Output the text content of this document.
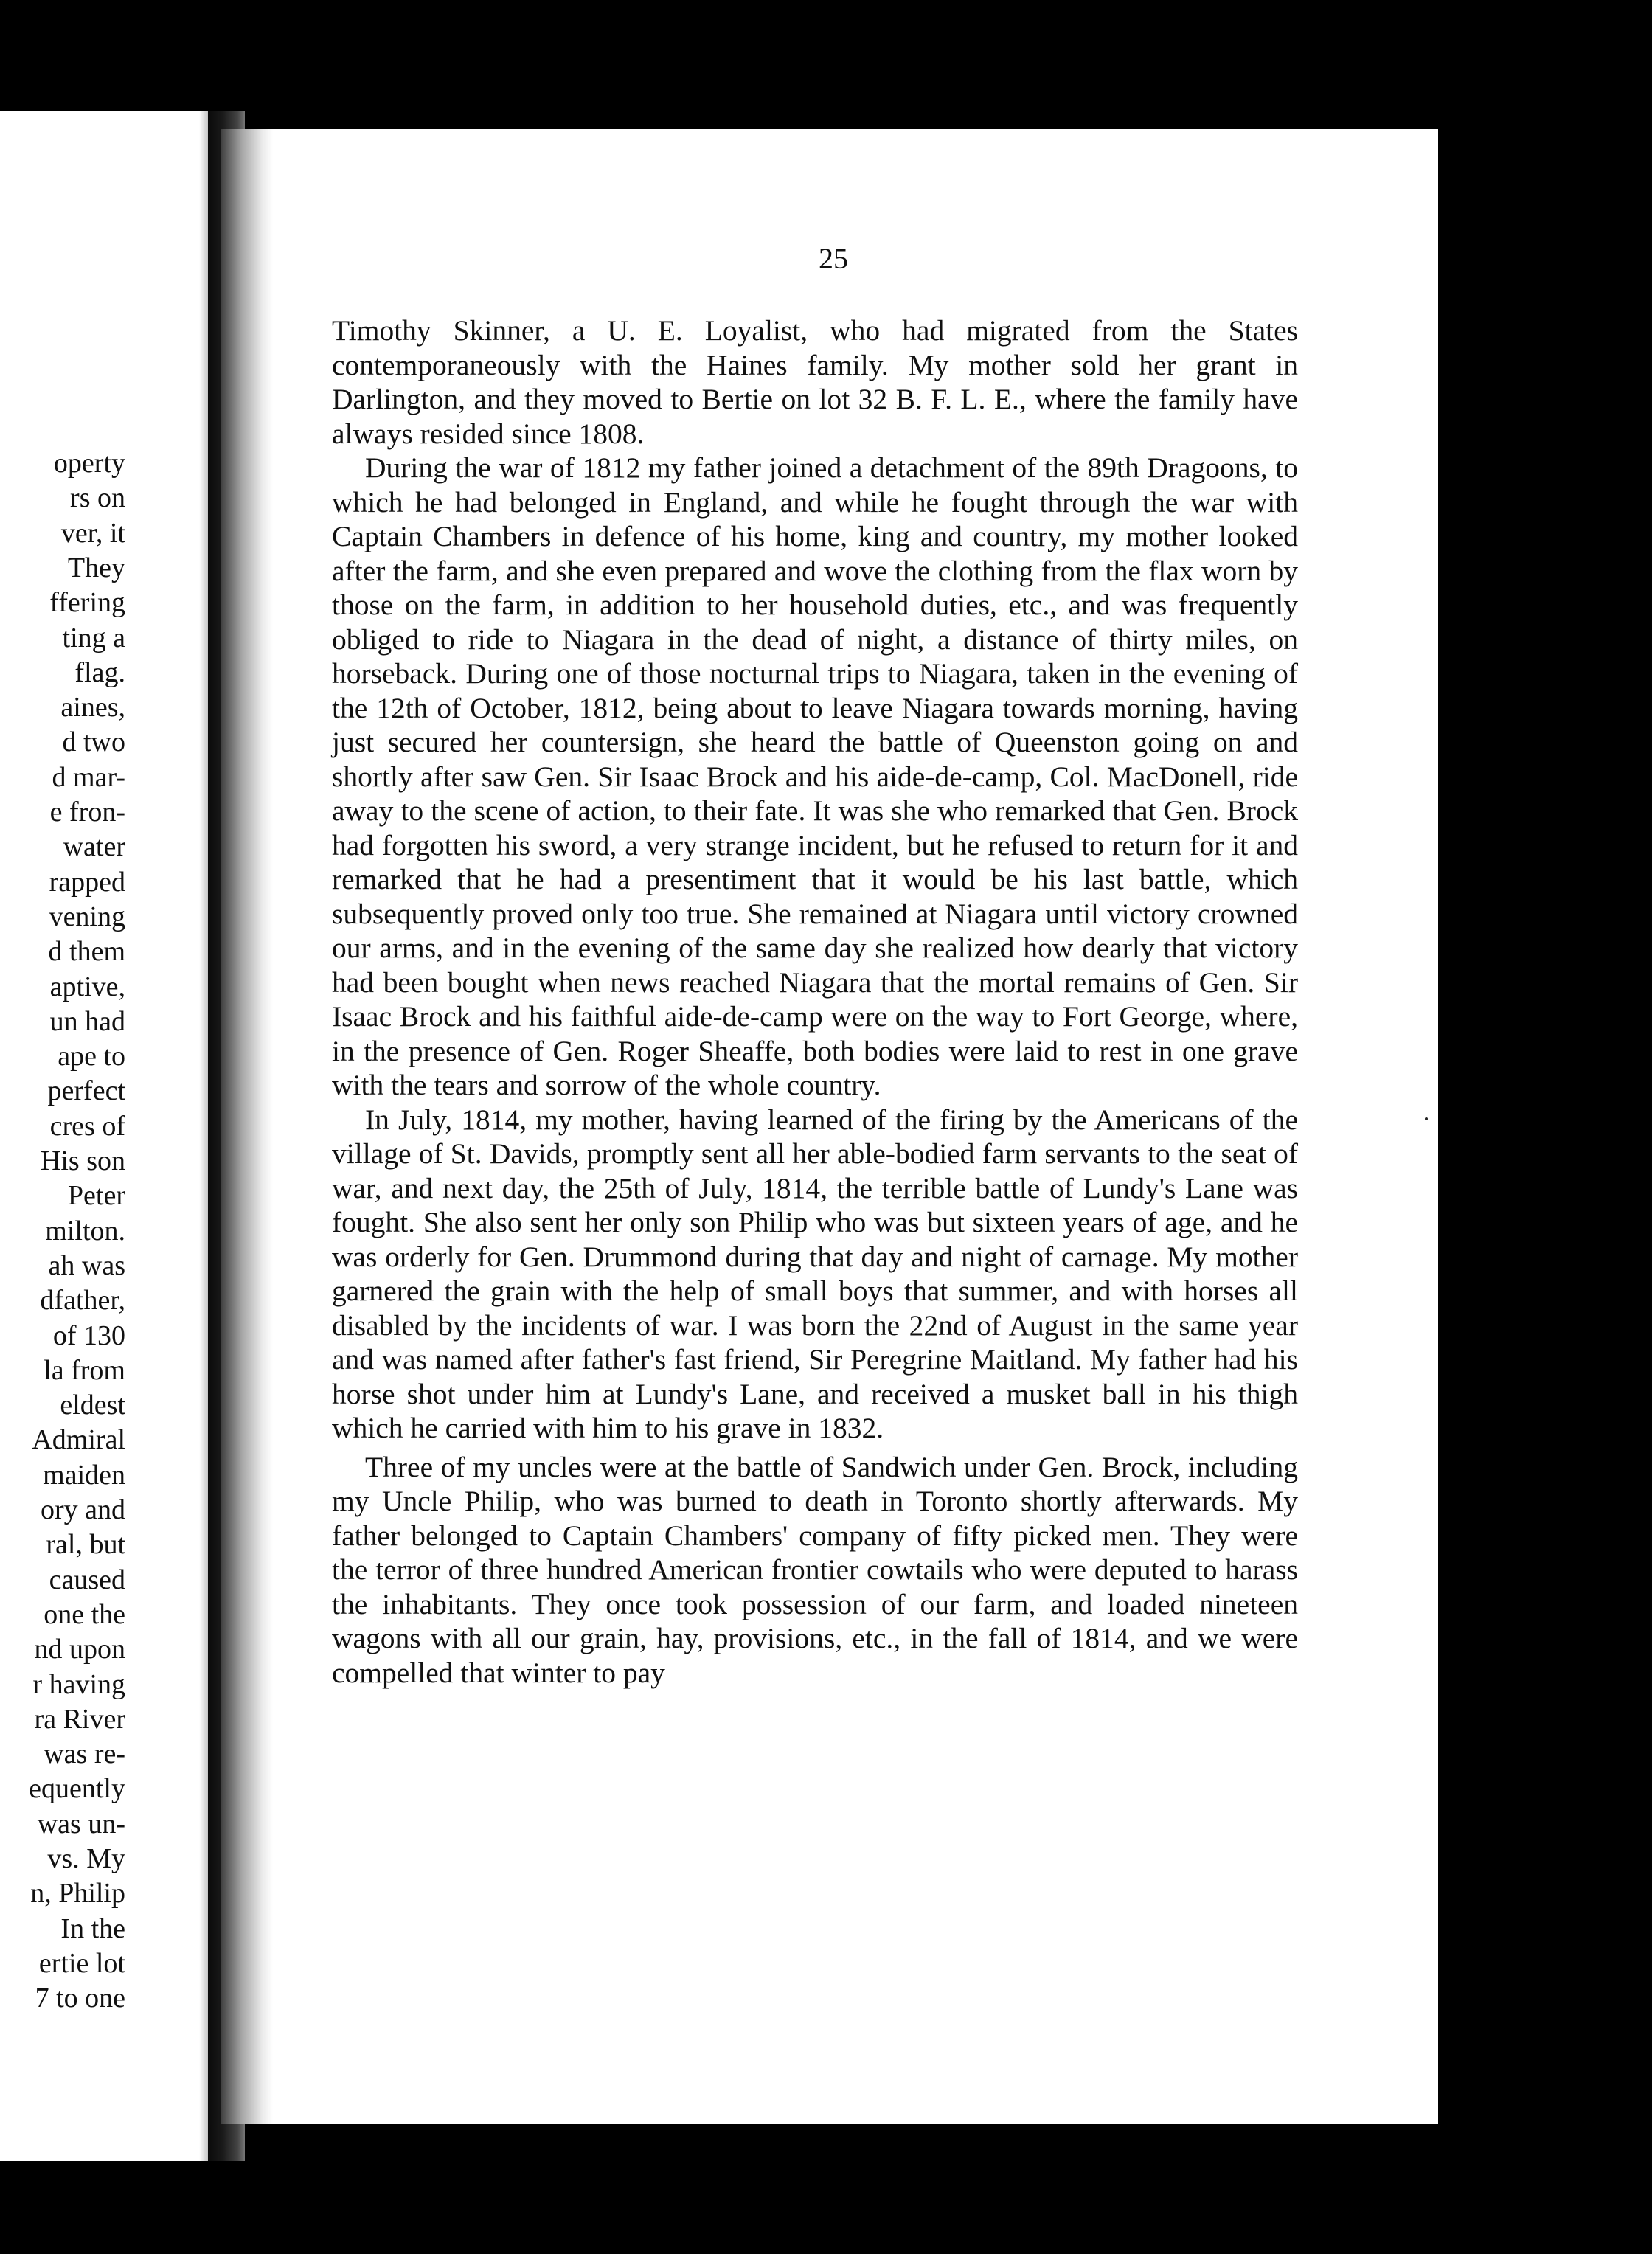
operty
rs on
ver, it
They
ffering
ting a
flag.
aines,
d two
d mar-
e fron-
water
rapped
vening
d them
aptive,
un had
ape to
perfect
cres of
His son
Peter
milton.
ah was
dfather,
of 130
la from
eldest
Admiral
maiden
ory and
ral, but
caused
one the
nd upon
r having
ra River
was re-
equently
was un-
vs. My
n, Philip
In the
ertie lot
7 to one
25

Timothy Skinner, a U. E. Loyalist, who had migrated from the States contemporaneously with the Haines family. My mother sold her grant in Darlington, and they moved to Bertie on lot 32 B. F. L. E., where the family have always resided since 1808.

During the war of 1812 my father joined a detachment of the 89th Dragoons, to which he had belonged in England, and while he fought through the war with Captain Chambers in defence of his home, king and country, my mother looked after the farm, and she even prepared and wove the clothing from the flax worn by those on the farm, in addition to her household duties, etc., and was frequently obliged to ride to Niagara in the dead of night, a distance of thirty miles, on horseback. During one of those nocturnal trips to Niagara, taken in the evening of the 12th of October, 1812, being about to leave Niagara towards morning, having just secured her countersign, she heard the battle of Queenston going on and shortly after saw Gen. Sir Isaac Brock and his aide-de-camp, Col. MacDonell, ride away to the scene of action, to their fate. It was she who remarked that Gen. Brock had forgotten his sword, a very strange incident, but he refused to return for it and remarked that he had a presentiment that it would be his last battle, which subsequently proved only too true. She remained at Niagara until victory crowned our arms, and in the evening of the same day she realized how dearly that victory had been bought when news reached Niagara that the mortal remains of Gen. Sir Isaac Brock and his faithful aide-de-camp were on the way to Fort George, where, in the presence of Gen. Roger Sheaffe, both bodies were laid to rest in one grave with the tears and sorrow of the whole country.

In July, 1814, my mother, having learned of the firing by the Americans of the village of St. Davids, promptly sent all her able-bodied farm servants to the seat of war, and next day, the 25th of July, 1814, the terrible battle of Lundy's Lane was fought. She also sent her only son Philip who was but sixteen years of age, and he was orderly for Gen. Drummond during that day and night of carnage. My mother garnered the grain with the help of small boys that summer, and with horses all disabled by the incidents of war. I was born the 22nd of August in the same year and was named after father's fast friend, Sir Peregrine Maitland. My father had his horse shot under him at Lundy's Lane, and received a musket ball in his thigh which he carried with him to his grave in 1832.

Three of my uncles were at the battle of Sandwich under Gen. Brock, including my Uncle Philip, who was burned to death in Toronto shortly afterwards. My father belonged to Captain Chambers' company of fifty picked men. They were the terror of three hundred American frontier cowtails who were deputed to harass the inhabitants. They once took possession of our farm, and loaded nineteen wagons with all our grain, hay, provisions, etc., in the fall of 1814, and we were compelled that winter to pay
